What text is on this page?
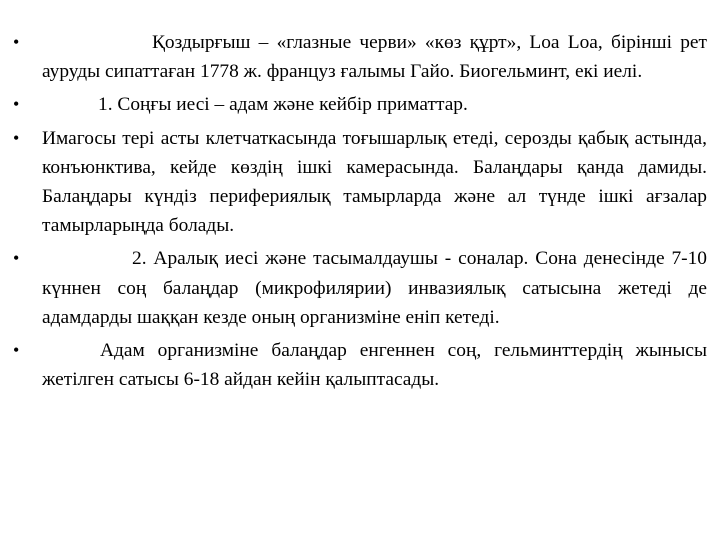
•	Қоздырғыш – «глазные черви» «көз құрт», Loa Loa, бірінші рет ауруды сипаттаған 1778 ж. француз ғалымы Гайо. Биогельминт, екі иелі.
•	1. Соңғы иесі – адам және кейбір приматтар.
• Имагосы тері асты клетчаткасында тоғышарлық етеді, серозды қабық астында, конъюнктива, кейде көздің ішкі камерасында. Балаңдары қанда дамиды. Балаңдары күндіз перифериялық тамырларда және ал түнде ішкі ағзалар тамырларыңда болады.
•	2. Аралық иесі және тасымалдаушы - соналар. Сона денесінде 7-10 күннен соң балаңдар (микрофилярии) инвазиялық сатысына жетеді де адамдарды шаққан кезде оның организміне еніп кетеді.
•	Адам организміне балаңдар енгеннен соң, гельминттердің жынысы жетілген сатысы 6-18 айдан кейін қалыптасады.
